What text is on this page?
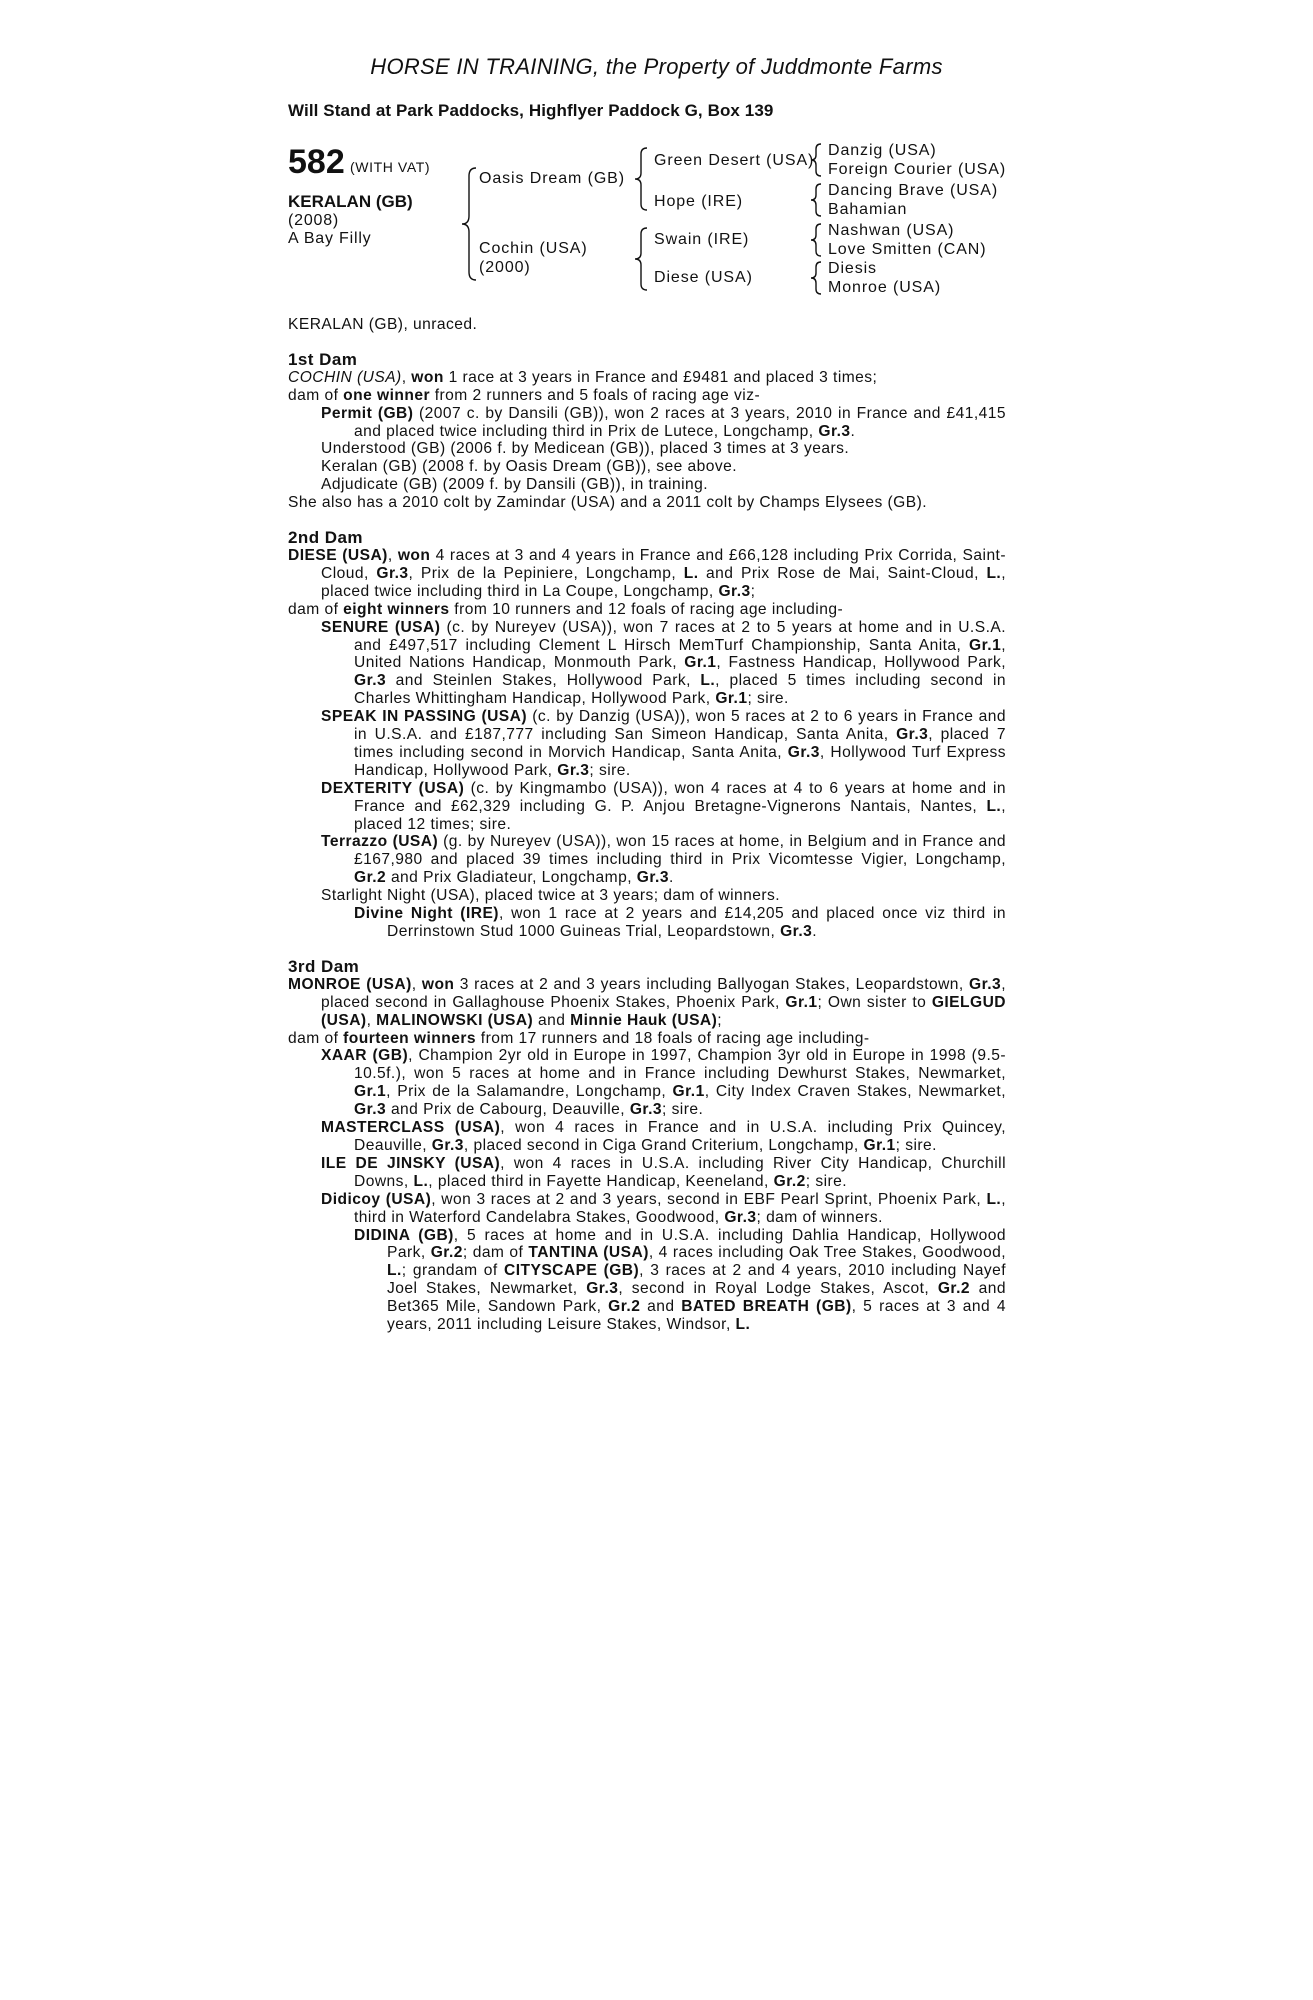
HORSE IN TRAINING, the Property of Juddmonte Farms
Will Stand at Park Paddocks, Highflyer Paddock G, Box 139
582 (WITH VAT)
KERALAN (GB)
(2008)
A Bay Filly
Oasis Dream (GB)
Cochin (USA)
(2000)
Green Desert (USA)
Hope (IRE)
Swain (IRE)
Diese (USA)
Danzig (USA)
Foreign Courier (USA)
Dancing Brave (USA)
Bahamian
Nashwan (USA)
Love Smitten (CAN)
Diesis
Monroe (USA)

KERALAN (GB), unraced.

1st Dam

COCHIN (USA), won 1 race at 3 years in France and £9481 and placed 3 times;

dam of one winner from 2 runners and 5 foals of racing age viz-

Permit (GB) (2007 c. by Dansili (GB)), won 2 races at 3 years, 2010 in France and £41,415 and placed twice including third in Prix de Lutece, Longchamp, Gr.3.

Understood (GB) (2006 f. by Medicean (GB)), placed 3 times at 3 years.

Keralan (GB) (2008 f. by Oasis Dream (GB)), see above.

Adjudicate (GB) (2009 f. by Dansili (GB)), in training.

She also has a 2010 colt by Zamindar (USA) and a 2011 colt by Champs Elysees (GB).

2nd Dam

DIESE (USA), won 4 races at 3 and 4 years in France and £66,128 including Prix Corrida, Saint-Cloud, Gr.3, Prix de la Pepiniere, Longchamp, L. and Prix Rose de Mai, Saint-Cloud, L., placed twice including third in La Coupe, Longchamp, Gr.3;

dam of eight winners from 10 runners and 12 foals of racing age including-

SENURE (USA) (c. by Nureyev (USA)), won 7 races at 2 to 5 years at home and in U.S.A. and £497,517 including Clement L Hirsch MemTurf Championship, Santa Anita, Gr.1, United Nations Handicap, Monmouth Park, Gr.1, Fastness Handicap, Hollywood Park, Gr.3 and Steinlen Stakes, Hollywood Park, L., placed 5 times including second in Charles Whittingham Handicap, Hollywood Park, Gr.1; sire.

SPEAK IN PASSING (USA) (c. by Danzig (USA)), won 5 races at 2 to 6 years in France and in U.S.A. and £187,777 including San Simeon Handicap, Santa Anita, Gr.3, placed 7 times including second in Morvich Handicap, Santa Anita, Gr.3, Hollywood Turf Express Handicap, Hollywood Park, Gr.3; sire.

DEXTERITY (USA) (c. by Kingmambo (USA)), won 4 races at 4 to 6 years at home and in France and £62,329 including G. P. Anjou Bretagne-Vignerons Nantais, Nantes, L., placed 12 times; sire.

Terrazzo (USA) (g. by Nureyev (USA)), won 15 races at home, in Belgium and in France and £167,980 and placed 39 times including third in Prix Vicomtesse Vigier, Longchamp, Gr.2 and Prix Gladiateur, Longchamp, Gr.3.

Starlight Night (USA), placed twice at 3 years; dam of winners.

Divine Night (IRE), won 1 race at 2 years and £14,205 and placed once viz third in Derrinstown Stud 1000 Guineas Trial, Leopardstown, Gr.3.

3rd Dam

MONROE (USA), won 3 races at 2 and 3 years including Ballyogan Stakes, Leopardstown, Gr.3, placed second in Gallaghouse Phoenix Stakes, Phoenix Park, Gr.1; Own sister to GIELGUD (USA), MALINOWSKI (USA) and Minnie Hauk (USA);

dam of fourteen winners from 17 runners and 18 foals of racing age including-

XAAR (GB), Champion 2yr old in Europe in 1997, Champion 3yr old in Europe in 1998 (9.5-10.5f.), won 5 races at home and in France including Dewhurst Stakes, Newmarket, Gr.1, Prix de la Salamandre, Longchamp, Gr.1, City Index Craven Stakes, Newmarket, Gr.3 and Prix de Cabourg, Deauville, Gr.3; sire.

MASTERCLASS (USA), won 4 races in France and in U.S.A. including Prix Quincey, Deauville, Gr.3, placed second in Ciga Grand Criterium, Longchamp, Gr.1; sire.

ILE DE JINSKY (USA), won 4 races in U.S.A. including River City Handicap, Churchill Downs, L., placed third in Fayette Handicap, Keeneland, Gr.2; sire.

Didicoy (USA), won 3 races at 2 and 3 years, second in EBF Pearl Sprint, Phoenix Park, L., third in Waterford Candelabra Stakes, Goodwood, Gr.3; dam of winners.

DIDINA (GB), 5 races at home and in U.S.A. including Dahlia Handicap, Hollywood Park, Gr.2; dam of TANTINA (USA), 4 races including Oak Tree Stakes, Goodwood, L.; grandam of CITYSCAPE (GB), 3 races at 2 and 4 years, 2010 including Nayef Joel Stakes, Newmarket, Gr.3, second in Royal Lodge Stakes, Ascot, Gr.2 and Bet365 Mile, Sandown Park, Gr.2 and BATED BREATH (GB), 5 races at 3 and 4 years, 2011 including Leisure Stakes, Windsor, L.
